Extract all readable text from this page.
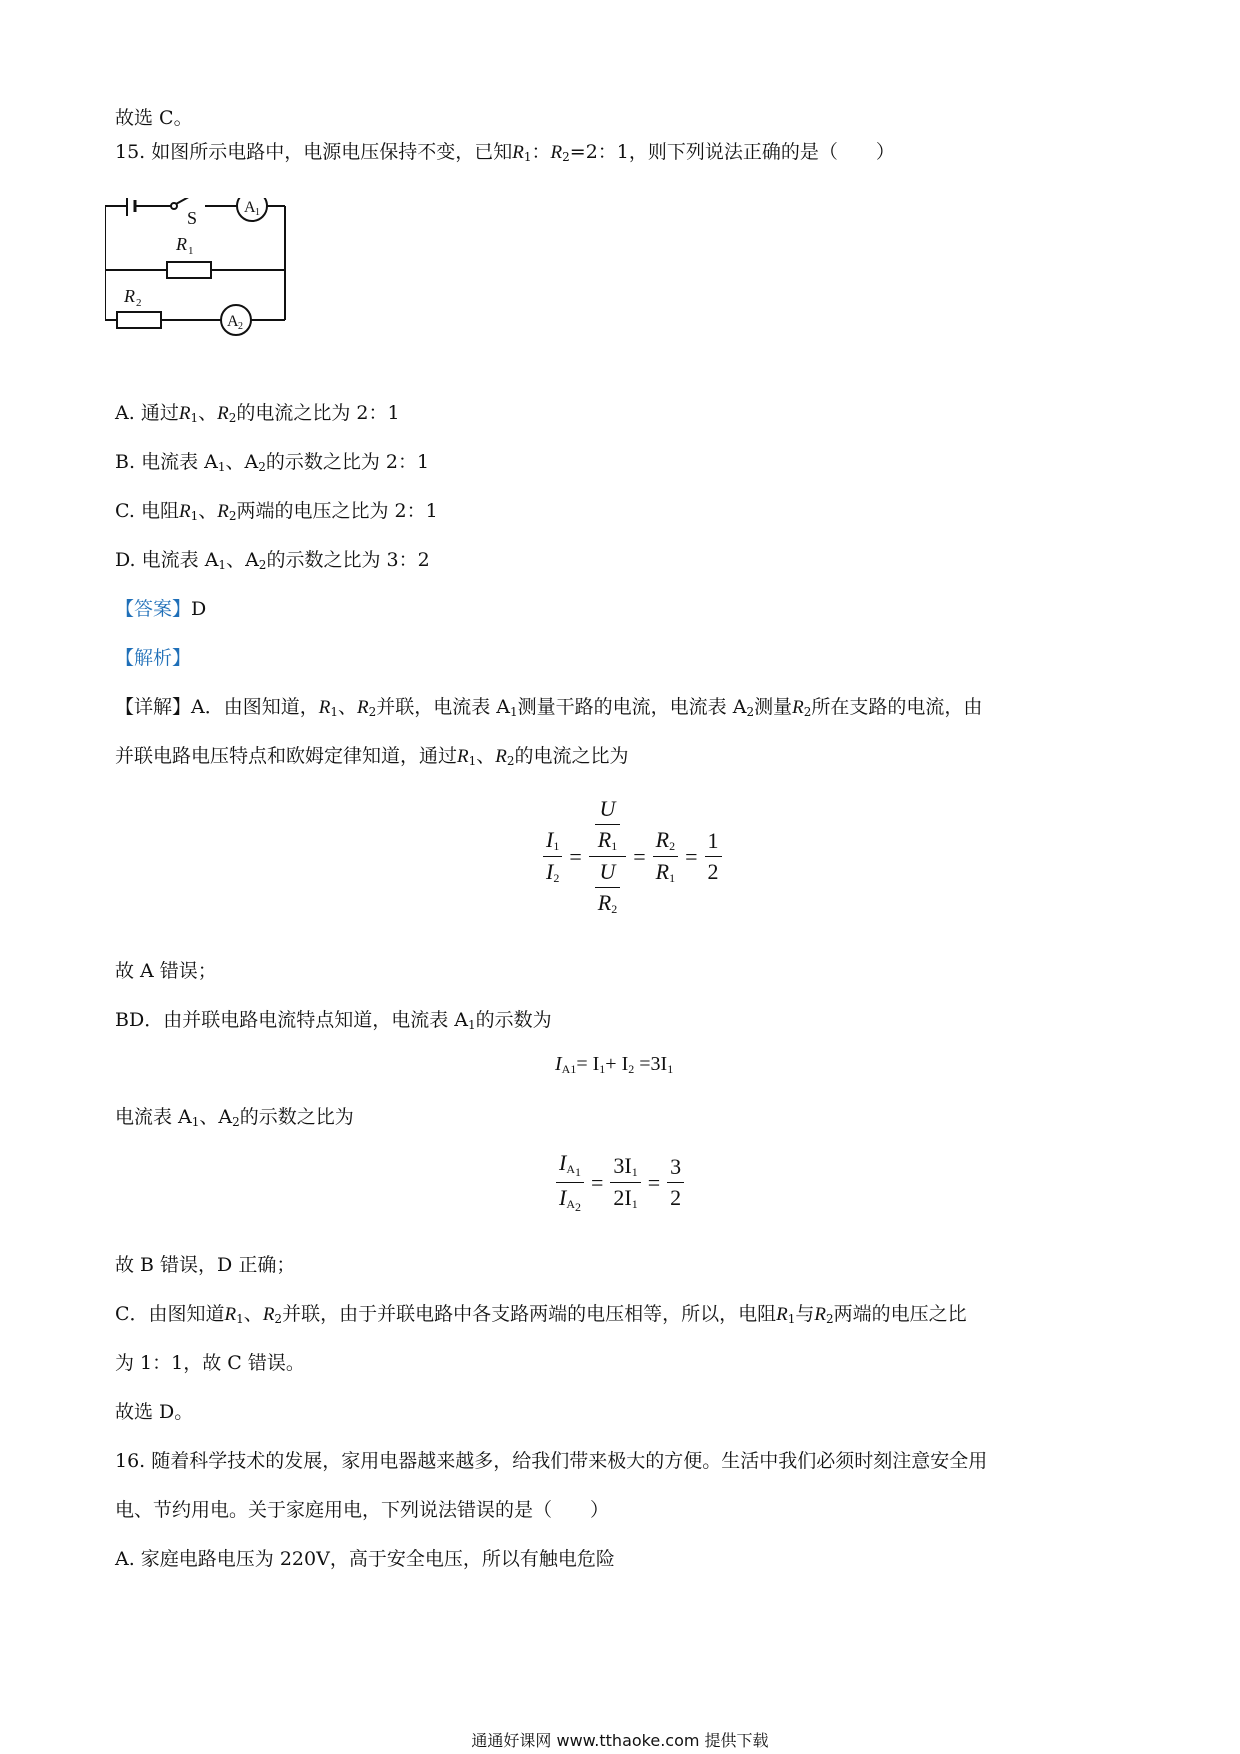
故选 C。
15. 如图所示电路中，电源电压保持不变，已知$R_1$：$R_2=2$：1，则下列说法正确的是（　　）
S
A 1
R 1
R 2
A 2
A. 通过$R_1$、$R_2$的电流之比为 2：1
B. 电流表 $A_1$、$A_2$的示数之比为 2：1
C. 电阻$R_1$、$R_2$两端的电压之比为 2：1
D. 电流表 $A_1$、$A_2$的示数之比为 3：2
【答案】D
【解析】
【详解】A．由图知道，$R_1$、$R_2$并联，电流表 $A_1$测量干路的电流，电流表 $A_2$测量$R_2$所在支路的电流，由
并联电路电压特点和欧姆定律知道，通过$R_1$、$R_2$的电流之比为
$\frac{I_1}{I_2} = \frac{\frac{U}{R_1}}{\frac{U}{R_2}} = \frac{R_2}{R_1} = \frac{1}{2}$
故 A 错误；
BD．由并联电路电流特点知道，电流表 $A_1$的示数为
$I_{A1}= I_1+ I_2 =3I_1$
电流表 $A_1$、$A_2$的示数之比为
$\frac{I_{A_1}}{I_{A_2}} = \frac{3I_1}{2I_1} = \frac{3}{2}$
故 B 错误，D 正确；
C．由图知道$R_1$、$R_2$并联，由于并联电路中各支路两端的电压相等，所以，电阻$R_1$与$R_2$两端的电压之比
为 1：1，故 C 错误。
故选 D。
16. 随着科学技术的发展，家用电器越来越多，给我们带来极大的方便。生活中我们必须时刻注意安全用
电、节约用电。关于家庭用电，下列说法错误的是（　　）
A. 家庭电路电压为 220V，高于安全电压，所以有触电危险
通通好课网 www.tthaoke.com 提供下载
